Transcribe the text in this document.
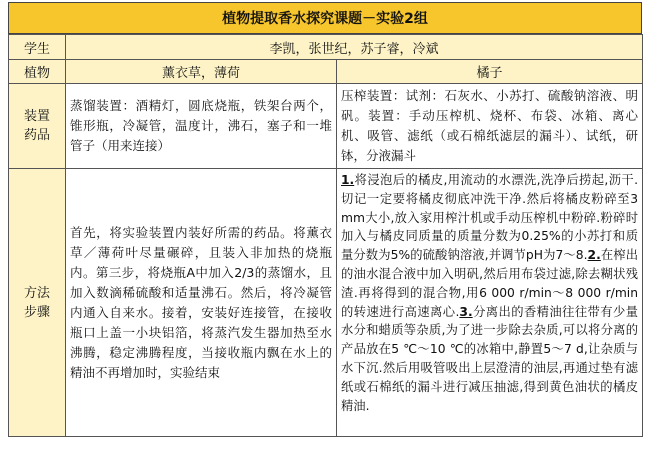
植物提取香水探究课题－实验2组
学生	李凯，张世纪，苏子睿，冷斌	
植物	薰衣草，薄荷	橘子

装置
药品	蒸馏装置：酒精灯，圆底烧瓶，铁架台两个，锥形瓶，冷凝管，温度计，沸石，塞子和一堆管子（用来连接）	压榨装置：试剂：石灰水、小苏打、硫酸钠溶液、明矾。装置：手动压榨机、烧杯、布袋、冰箱、离心机、吸管、滤纸（或石棉纸滤层的漏斗）、试纸，研钵，分液漏斗

方法
步骤	首先，将实验装置内装好所需的药品。将薰衣草／薄荷叶尽量碾碎，且装入非加热的烧瓶内。第三步，将烧瓶A中加入2/3的蒸馏水，且加入数滴稀硫酸和适量沸石。然后，将冷凝管内通入自来水。接着，安装好连接管，在接收瓶口上盖一小块铝箔，将蒸汽发生器加热至水沸腾，稳定沸腾程度，当接收瓶内飘在水上的精油不再增加时，实验结束	1.将浸泡后的橘皮,用流动的水漂洗,洗净后捞起,沥干.切记一定要将橘皮彻底冲洗干净.然后将橘皮粉碎至3 mm大小,放入家用榨汁机或手动压榨机中粉碎.粉碎时加入与橘皮同质量的质量分数为0.25%的小苏打和质量分数为5%的硫酸钠溶液,并调节pH为7～8.2.在榨出的油水混合液中加入明矾,然后用布袋过滤,除去糊状残渣.再将得到的混合物,用6 000 r/min～8 000 r/min的转速进行高速离心.3.分离出的香精油往往带有少量水分和蜡质等杂质,为了进一步除去杂质,可以将分离的产品放在5 ℃～10 ℃的冰箱中,静置5～7 d,让杂质与水下沉.然后用吸管吸出上层澄清的油层,再通过垫有滤纸或石棉纸的漏斗进行减压抽滤,得到黄色油状的橘皮精油.
